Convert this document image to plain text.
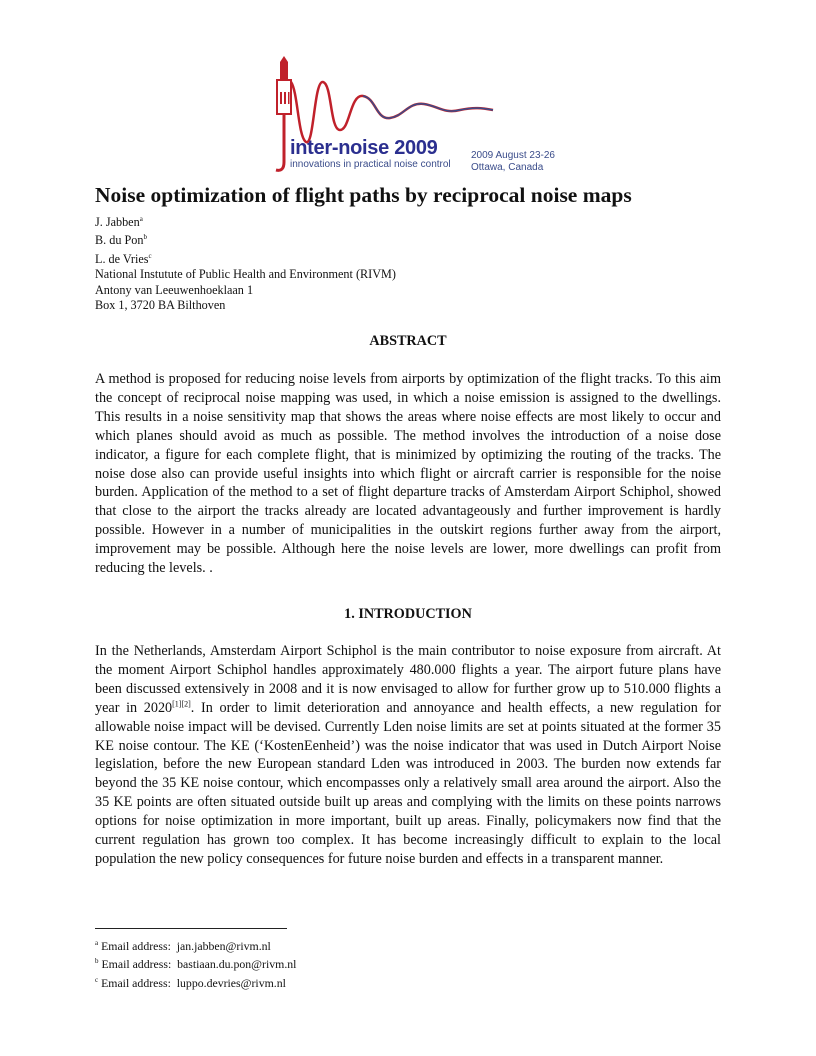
inter-noise 2009
innovations in practical noise control
2009 August 23-26
Ottawa, Canada
Noise optimization of flight paths by reciprocal noise maps
J. Jabben$^a$
B. du Pon$^b$
L. de Vries$^c$
National Instutute of Public Health and Environment (RIVM)
Antony van Leeuwenhoeklaan 1
Box 1, 3720 BA Bilthoven
ABSTRACT

A method is proposed for reducing noise levels from airports by optimization of the flight tracks. To this aim the concept of reciprocal noise mapping was used, in which a noise emission is assigned to the dwellings. This results in a noise sensitivity map that shows the areas where noise effects are most likely to occur and which planes should avoid as much as possible. The method involves the introduction of a noise dose indicator, a figure for each complete flight, that is minimized by optimizing the routing of the tracks. The noise dose also can provide useful insights into which flight or aircraft carrier is responsible for the noise burden. Application of the method to a set of flight departure tracks of Amsterdam Airport Schiphol, showed that close to the airport the tracks already are located advantageously and further improvement is hardly possible. However in a number of municipalities in the outskirt regions further away from the airport, improvement may be possible. Although here the noise levels are lower, more dwellings can profit from reducing the levels. .

1. INTRODUCTION

In the Netherlands, Amsterdam Airport Schiphol is the main contributor to noise exposure from aircraft. At the moment Airport Schiphol handles approximately 480.000 flights a year. The airport future plans have been discussed extensively in 2008 and it is now envisaged to allow for further grow up to 510.000 flights a year in 2020[1][2]. In order to limit deterioration and annoyance and health effects, a new regulation for allowable noise impact will be devised. Currently Lden noise limits are set at points situated at the former 35 KE noise contour. The KE (‘KostenEenheid’) was the noise indicator that was used in Dutch Airport Noise legislation, before the new European standard Lden was introduced in 2003. The burden now extends far beyond the 35 KE noise contour, which encompasses only a relatively small area around the airport. Also the 35 KE points are often situated outside built up areas and complying with the limits on these points narrows options for noise optimization in more important, built up areas. Finally, policymakers now find that the current regulation has grown too complex. It has become increasingly difficult to explain to the local population the new policy consequences for future noise burden and effects in a transparent manner.

$^a$ Email address: jan.jabben@rivm.nl
$^b$ Email address: bastiaan.du.pon@rivm.nl
$^c$ Email address: luppo.devries@rivm.nl
